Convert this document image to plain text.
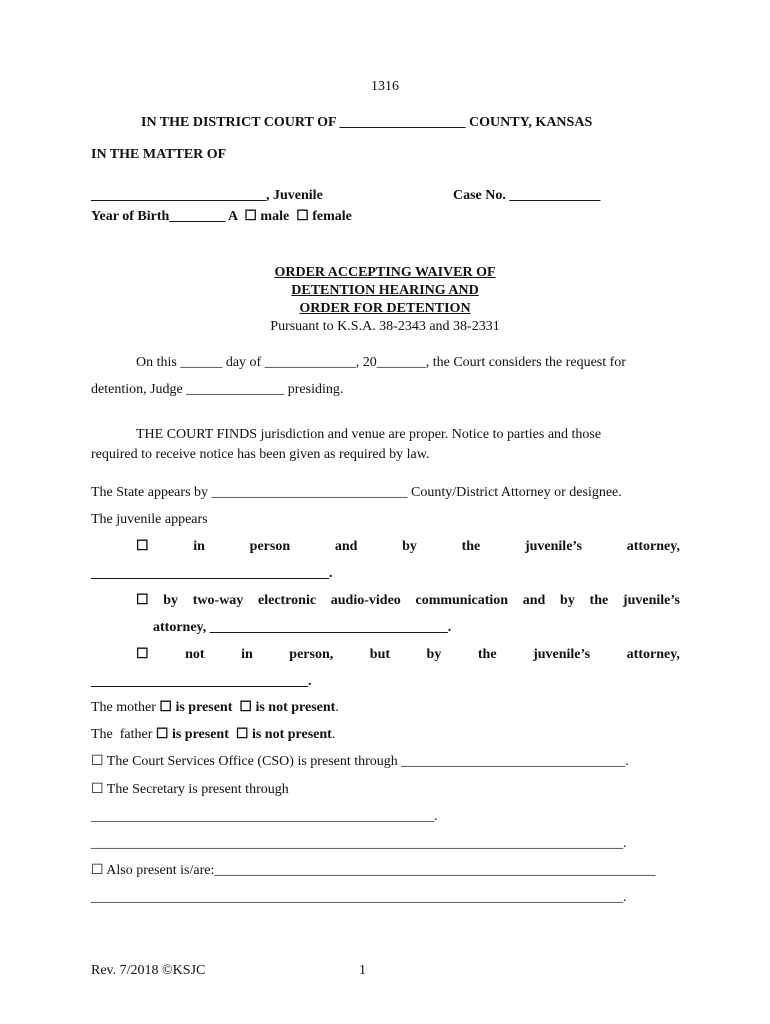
1316
IN THE DISTRICT COURT OF __________________ COUNTY, KANSAS
IN THE MATTER OF
_________________________, Juvenile	Case No. _____________
Year of Birth________ A ☐ male ☐ female
ORDER ACCEPTING WAIVER OF
DETENTION HEARING AND
ORDER FOR DETENTION
Pursuant to K.S.A. 38-2343 and 38-2331
On this ______ day of _____________, 20_______, the Court considers the request for
detention, Judge ______________ presiding.
THE COURT FINDS jurisdiction and venue are proper. Notice to parties and those
required to receive notice has been given as required by law.
The State appears by ____________________________ County/District Attorney or designee.
The juvenile appears
☐	in	person	and	by	the	juvenile’s	attorney,
__________________________________.
☐ by two-way electronic audio-video communication and by the juvenile’s
attorney, __________________________________.
☐	not	in	person,	but	by	the	juvenile’s	attorney,
_______________________________.
The mother ☐ is present ☐ is not present.
The  father ☐ is present ☐ is not present.
☐ The Court Services Office (CSO) is present through ________________________________.
☐ The Secretary is present through
_________________________________________________.
____________________________________________________________________________.
☐ Also present is/are:_______________________________________________________________
____________________________________________________________________________.
Rev. 7/2018 ©KSJC	1
